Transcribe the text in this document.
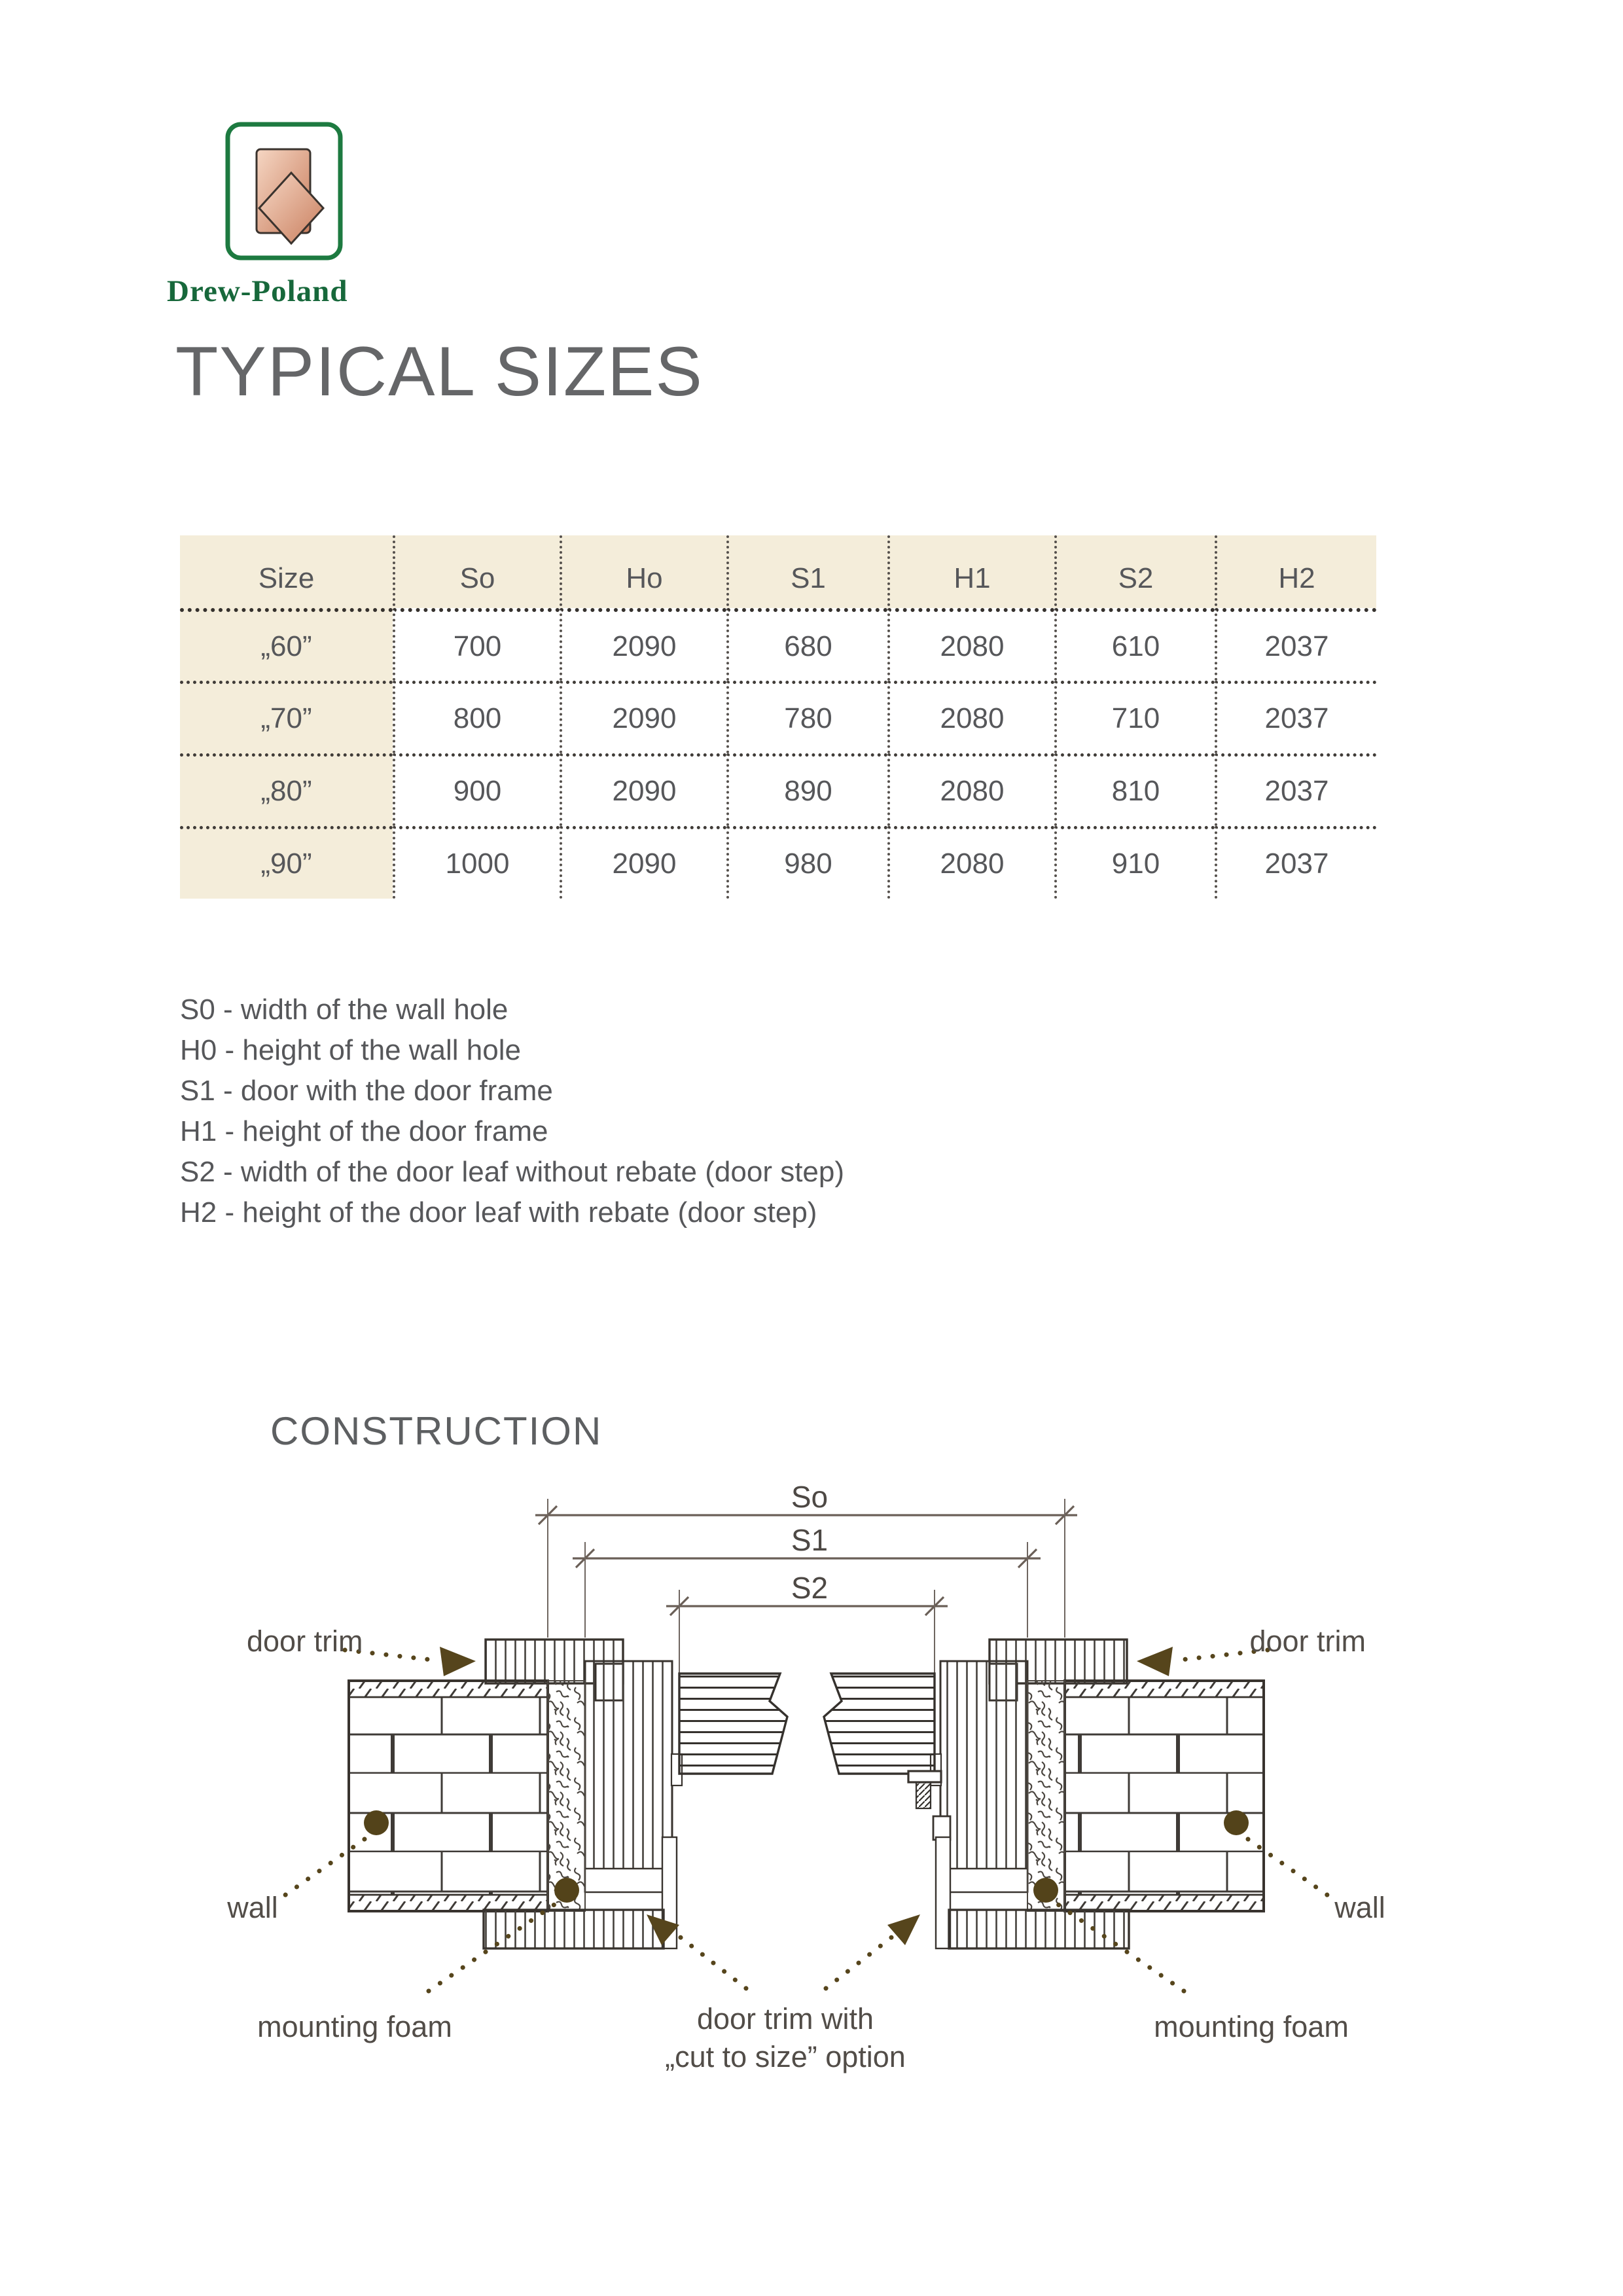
Drew-Poland
TYPICAL SIZES
Size	So	Ho	S1	H1	S2	H2
„60”	700	2090	680	2080	610	2037
„70”	800	2090	780	2080	710	2037
„80”	900	2090	890	2080	810	2037
„90”	1000	2090	980	2080	910	2037
S0 - width of the wall hole
H0 - height of the wall hole
S1 - door with the door frame
H1 - height of the door frame
S2 - width of the door leaf without rebate (door step)
H2 - height of the door leaf with rebate (door step)
CONSTRUCTION
So
S1
S2
door trim	door trim
wall	wall
mounting foam	mounting foam
door trim with
„cut to size” option
